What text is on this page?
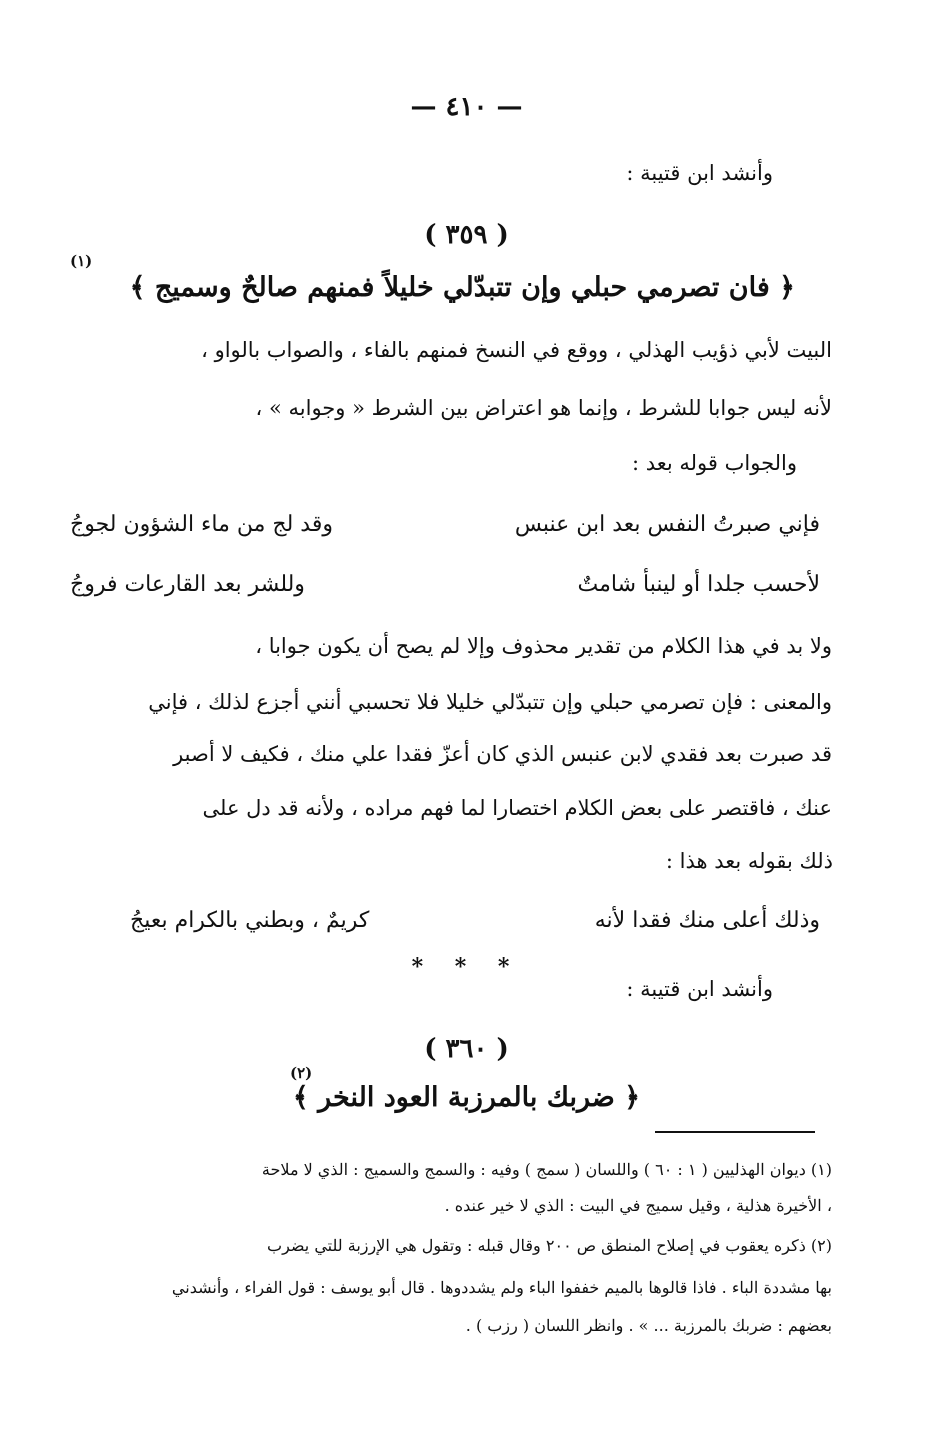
— ٤١٠ —
وأنشد ابن قتيبة :
( ٣٥٩ )
(١)
﴿ فان تصرمي حبلي وإن تتبدّلي خليلاً فمنهم صالحٌ وسميج ﴾
البيت لأبي ذؤيب الهذلي ، ووقع في النسخ فمنهم بالفاء ، والصواب بالواو ،
لأنه ليس جوابا للشرط ، وإنما هو اعتراض بين الشرط « وجوابه » ،
والجواب قوله بعد :
فإني صبرتُ النفس بعد ابن عنبس
وقد لج من ماء الشؤون لجوجُ
لأحسب جلدا أو لينبأ شامتٌ
وللشر بعد القارعات فروجُ
ولا بد في هذا الكلام من تقدير محذوف وإلا لم يصح أن يكون جوابا ،
والمعنى : فإن تصرمي حبلي وإن تتبدّلي خليلا فلا تحسبي أنني أجزع لذلك ، فإني
قد صبرت بعد فقدي لابن عنبس الذي كان أعزّ فقدا علي منك ، فكيف لا أصبر
عنك ، فاقتصر على بعض الكلام اختصارا لما فهم مراده ، ولأنه قد دل على
ذلك بقوله بعد هذا :
وذلك أعلى منك فقدا لأنه
كريمٌ ، وبطني بالكرام بعيجُ
* * *
وأنشد ابن قتيبة :
( ٣٦٠ )
(٢)
﴿ ضربك بالمرزبة العود النخر ﴾
(١) ديوان الهذليين ( ١ : ٦٠ ) واللسان ( سمج ) وفيه : والسمج والسميج : الذي لا ملاحة
، الأخيرة هذلية ، وقيل سميج في البيت : الذي لا خير عنده .
(٢) ذكره يعقوب في إصلاح المنطق ص ٢٠٠ وقال قبله : وتقول هي الإرزبة للتي يضرب
بها مشددة الباء . فاذا قالوها بالميم خففوا الباء ولم يشددوها . قال أبو يوسف : قول الفراء ، وأنشدني
بعضهم : ضربك بالمرزبة ... » . وانظر اللسان ( رزب ) .
